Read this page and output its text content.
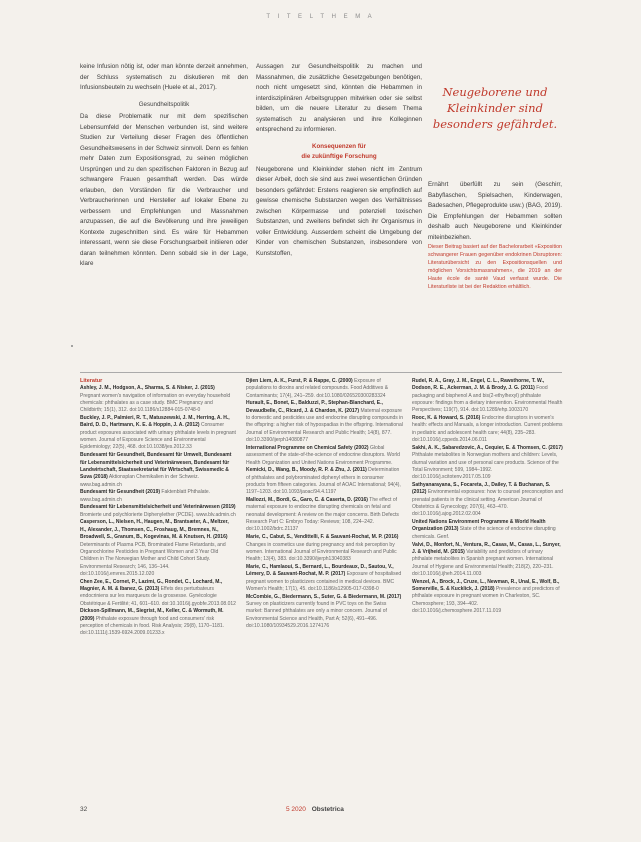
T I T E L T H E M A

keine Infusion nötig ist, oder man könnte derzeit annehmen, der Schluss systematisch zu diskutieren mit den Infusionsbeuteln zu wechseln (Huele et al., 2017).

Gesundheitspolitik

Da diese Problematik nur mit dem spezifischen Lebensumfeld der Menschen verbunden ist, sind weitere Studien zur Verteilung dieser Fragen des öffentlichen Gesundheitswesens in der Schweiz sinnvoll. Denn es fehlen mehr Daten zum Expositionsgrad, zu seinen möglichen Ursprüngen und zu den spezifischen Faktoren in Bezug auf schwangere Frauen gesamthaft werden. Das würde erlauben, den Vorständen für die Verbraucher und Verbraucherinnen und Hersteller auf lokaler Ebene zu verbessern und Empfehlungen und Massnahmen anzupassen, die auf die Bevölkerung und ihre jeweiligen Kontexte zugeschnitten sind. Es wäre für Hebammen interessant, wenn sie diese Forschungsarbeit initiieren oder daran teilnehmen könnten. Denn sobald sie in der Lage, klare

Aussagen zur Gesundheitspolitik zu machen und Massnahmen, die zusätzliche Gesetzgebungen benötigen, noch nicht umgesetzt sind, könnten die Hebammen in interdisziplinären Arbeitsgruppen mitwirken oder sie selbst bilden, um die neuere Literatur zu diesem Thema systematisch zu analysieren und ihre Kolleginnen entsprechend zu informieren.

Konsequenzen für
die zukünftige Forschung

Neugeborene und Kleinkinder stehen nicht im Zentrum dieser Arbeit, doch sie sind aus zwei wesentlichen Gründen besonders gefährdet: Erstens reagieren sie empfindlich auf gewisse chemische Substanzen wegen des Verhältnisses zwischen Körpermasse und potenziell toxischen Substanzen, und zweitens befindet sich ihr Organismus in voller Entwicklung. Ausserdem scheint die Umgebung der Kinder von chemischen Substanzen, insbesondere von Kunststoffen,

Neugeborene und
Kleinkinder sind
besonders gefährdet.

Ernährt überfüllt zu sein (Geschirr, Babyflaschen, Spielsachen, Kinderwagen, Badesachen, Pflegeprodukte usw.) (BAG, 2019). Die Empfehlungen der Hebammen sollten deshalb auch Neugeborene und Kleinkinder miteinbeziehen.

Dieser Beitrag basiert auf der Bachelorarbeit «Exposition schwangerer Frauen gegenüber endokrinen Disruptoren: Literaturübersicht zu den Expositionsquellen und möglichen Vorsichtsmassnahmen», die 2019 an der Haute école de santé Vaud verfasst wurde. Die Literaturliste ist bei der Redaktion erhältlich.

Literatur

Ashley, J. M., Hodgson, A., Sharma, S. & Nisker, J. (2015) Pregnant women's navigation of information on everyday household chemicals: phthalates as a case study. BMC Pregnancy and Childbirth; 15(1), 312. doi:10.1186/s12884-015-0748-0

Buckley, J. P., Palmieri, R. T., Matuszewski, J. M., Herring, A. H., Baird, D. D., Hartmann, K. E. & Hoppin, J. A. (2012) Consumer product exposures associated with urinary phthalate levels in pregnant women. Journal of Exposure Science and Environmental Epidemiology; 22(5), 468. doi:10.1038/jes.2012.33

Bundesamt für Gesundheit, Bundesamt für Umwelt, Bundesamt für Lebensmittelsicherheit und Veterinärwesen, Bundesamt für Landwirtschaft, Staatssekretariat für Wirtschaft, Swissmedic & Suva (2018) Aktionsplan Chemikalien in der Schweiz. www.bag.admin.ch

Bundesamt für Gesundheit (2019) Faktenblatt Phthalate. www.bag.admin.ch

Bundesamt für Lebensmittelsicherheit und Veterinärwesen (2019) Bromierte und polychlorierte Diphenylether (PCDE). www.blv.admin.ch

Casperson, L., Nielsen, H., Haugen, M., Brantsæter, A., Meltzer, H., Alexander, J., Thomsen, C., Froshaug, M., Bremnes, N., Broadwell, S., Granum, B., Kogevinas, M. & Knutsen, H. (2016) Determinants of Plasma PCB, Brominated Flame Retardants, and Organochlorine Pesticides in Pregnant Women and 3 Year Old Children in The Norwegian Mother and Child Cohort Study. Environmental Research; 146, 136–144. doi:10.1016/j.envres.2015.12.020

Chen Zee, E., Cornet, P., Lazimi, G., Rondet, C., Lochard, M., Magnier, A. M. & Ibanez, G. (2013) Effets des perturbateurs endocriniens sur les marqueurs de la grossesse. Gynécologie Obstétrique & Fertilité; 41, 601–610. doi:10.1016/j.gyobfe.2013.08.012

Dickson-Spillmann, M., Siegrist, M., Keller, C. & Wormuth, M. (2009) Phthalate exposure through food and consumers' risk perception of chemicals in food. Risk Analysis; 29(8), 1170–1181. doi:10.1111/j.1539-6924.2009.01233.x

Djien Liem, A. K., Furst, P. & Rappe, C. (2000) Exposure of populations to dioxins and related compounds. Food Additives & Contaminants; 17(4), 241–259. doi:10.1080/026520300283324

Hurault, E., Bonet, E., Balduzzi, P., Stephan-Blanchard, E., Devaudbelle, C., Ricard, J. & Chardon, K. (2017) Maternal exposure to domestic and pesticides use and endocrine disrupting compounds in the offspring: a higher risk of hypospadias in the offspring. International Journal of Environmental Research and Public Health; 14(8), 877. doi:10.3390/ijerph14080877

International Programme on Chemical Safety (2002) Global assessment of the state-of-the-science of endocrine disruptors. World Health Organization and United Nations Environment Programme.

Kemicki, D., Wang, B., Moody, R. P. & Zhu, J. (2011) Determination of phthalates and polybrominated diphenyl ethers in consumer products from fifteen categories. Journal of AOAC International; 94(4), 1197–1203. doi:10.1093/jaoac/94.4.1197

Mallozzi, M., Bordi, G., Garo, C. & Caserta, D. (2016) The effect of maternal exposure to endocrine disrupting chemicals on fetal and neonatal development: A review on the major concerns. Birth Defects Research Part C: Embryo Today: Reviews; 108, 224–242. doi:10.1002/bdrc.21137

Marie, C., Cabut, S., Vendittelli, F. & Sauvant-Rochat, M. P. (2016) Changes in cosmetics use during pregnancy and risk perception by women. International Journal of Environmental Research and Public Health; 13(4), 383. doi:10.3390/ijerph13040383

Marie, C., Hamlaoui, S., Bernard, L., Bourdeaux, D., Sautou, V., Lémery, D. & Sauvant-Rochat, M. P. (2017) Exposure of hospitalised pregnant women to plasticizers contained in medical devices. BMC Women's Health; 17(1), 45. doi:10.1186/s12905-017-0398-0

McCombie, G., Biedermann, S., Suter, G. & Biedermann, M. (2017) Survey on plasticizers currently found in PVC toys on the Swiss market: Banned phthalates are only a minor concern. Journal of Environmental Science and Health, Part A; 52(6), 491–496. doi:10.1080/10934529.2016.1274176

Rudel, R. A., Gray, J. M., Engel, C. L., Rawsthorne, T. W., Dodson, R. E., Ackerman, J. M. & Brody, J. G. (2011) Food packaging and bisphenol A and bis(2-ethylhexyl) phthalate exposure: findings from a dietary intervention. Environmental Health Perspectives; 119(7), 914. doi:10.1289/ehp.1003170

Rooc, K. & Howard, S. (2016) Endocrine disruptors in women's health: effects and Manuals, a longer introduction. Current problems in pediatric and adolescent health care; 44(8), 235–283. doi:10.1016/j.cppeds.2014.06.011

Sakhi, A. K., Sabaredzovic, A., Cequier, E. & Thomsen, C. (2017) Phthalate metabolites in Norwegian mothers and children: Levels, diurnal variation and use of personal care products. Science of the Total Environment; 599, 1984–1992. doi:10.1016/j.scitotenv.2017.05.109

Sathyanarayana, S., Focareta, J., Dailey, T. & Buchanan, S. (2012) Environmental exposures: how to counsel preconception and prenatal patients in the clinical setting. American Journal of Obstetrics & Gynecology; 207(6), 463–470. doi:10.1016/j.ajog.2012.02.004

United Nations Environment Programme & World Health Organization (2013) State of the science of endocrine disrupting chemicals. Genf.

Valvi, D., Monfort, N., Ventura, R., Casas, M., Casas, L., Sunyer, J. & Vrijheid, M. (2015) Variability and predictors of urinary phthalate metabolites in Spanish pregnant women. International Journal of Hygiene and Environmental Health; 218(2), 220–231. doi:10.1016/j.ijheh.2014.11.003

Wenzel, A., Brock, J., Cruze, L., Newman, R., Unal, E., Wolf, B., Somerville, S. & Kucklick, J. (2018) Prevalence and predictors of phthalate exposure in pregnant women in Charleston, SC. Chemosphere; 193, 394–402. doi:10.1016/j.chemosphere.2017.11.019

32	5 2020 Obstetrica
